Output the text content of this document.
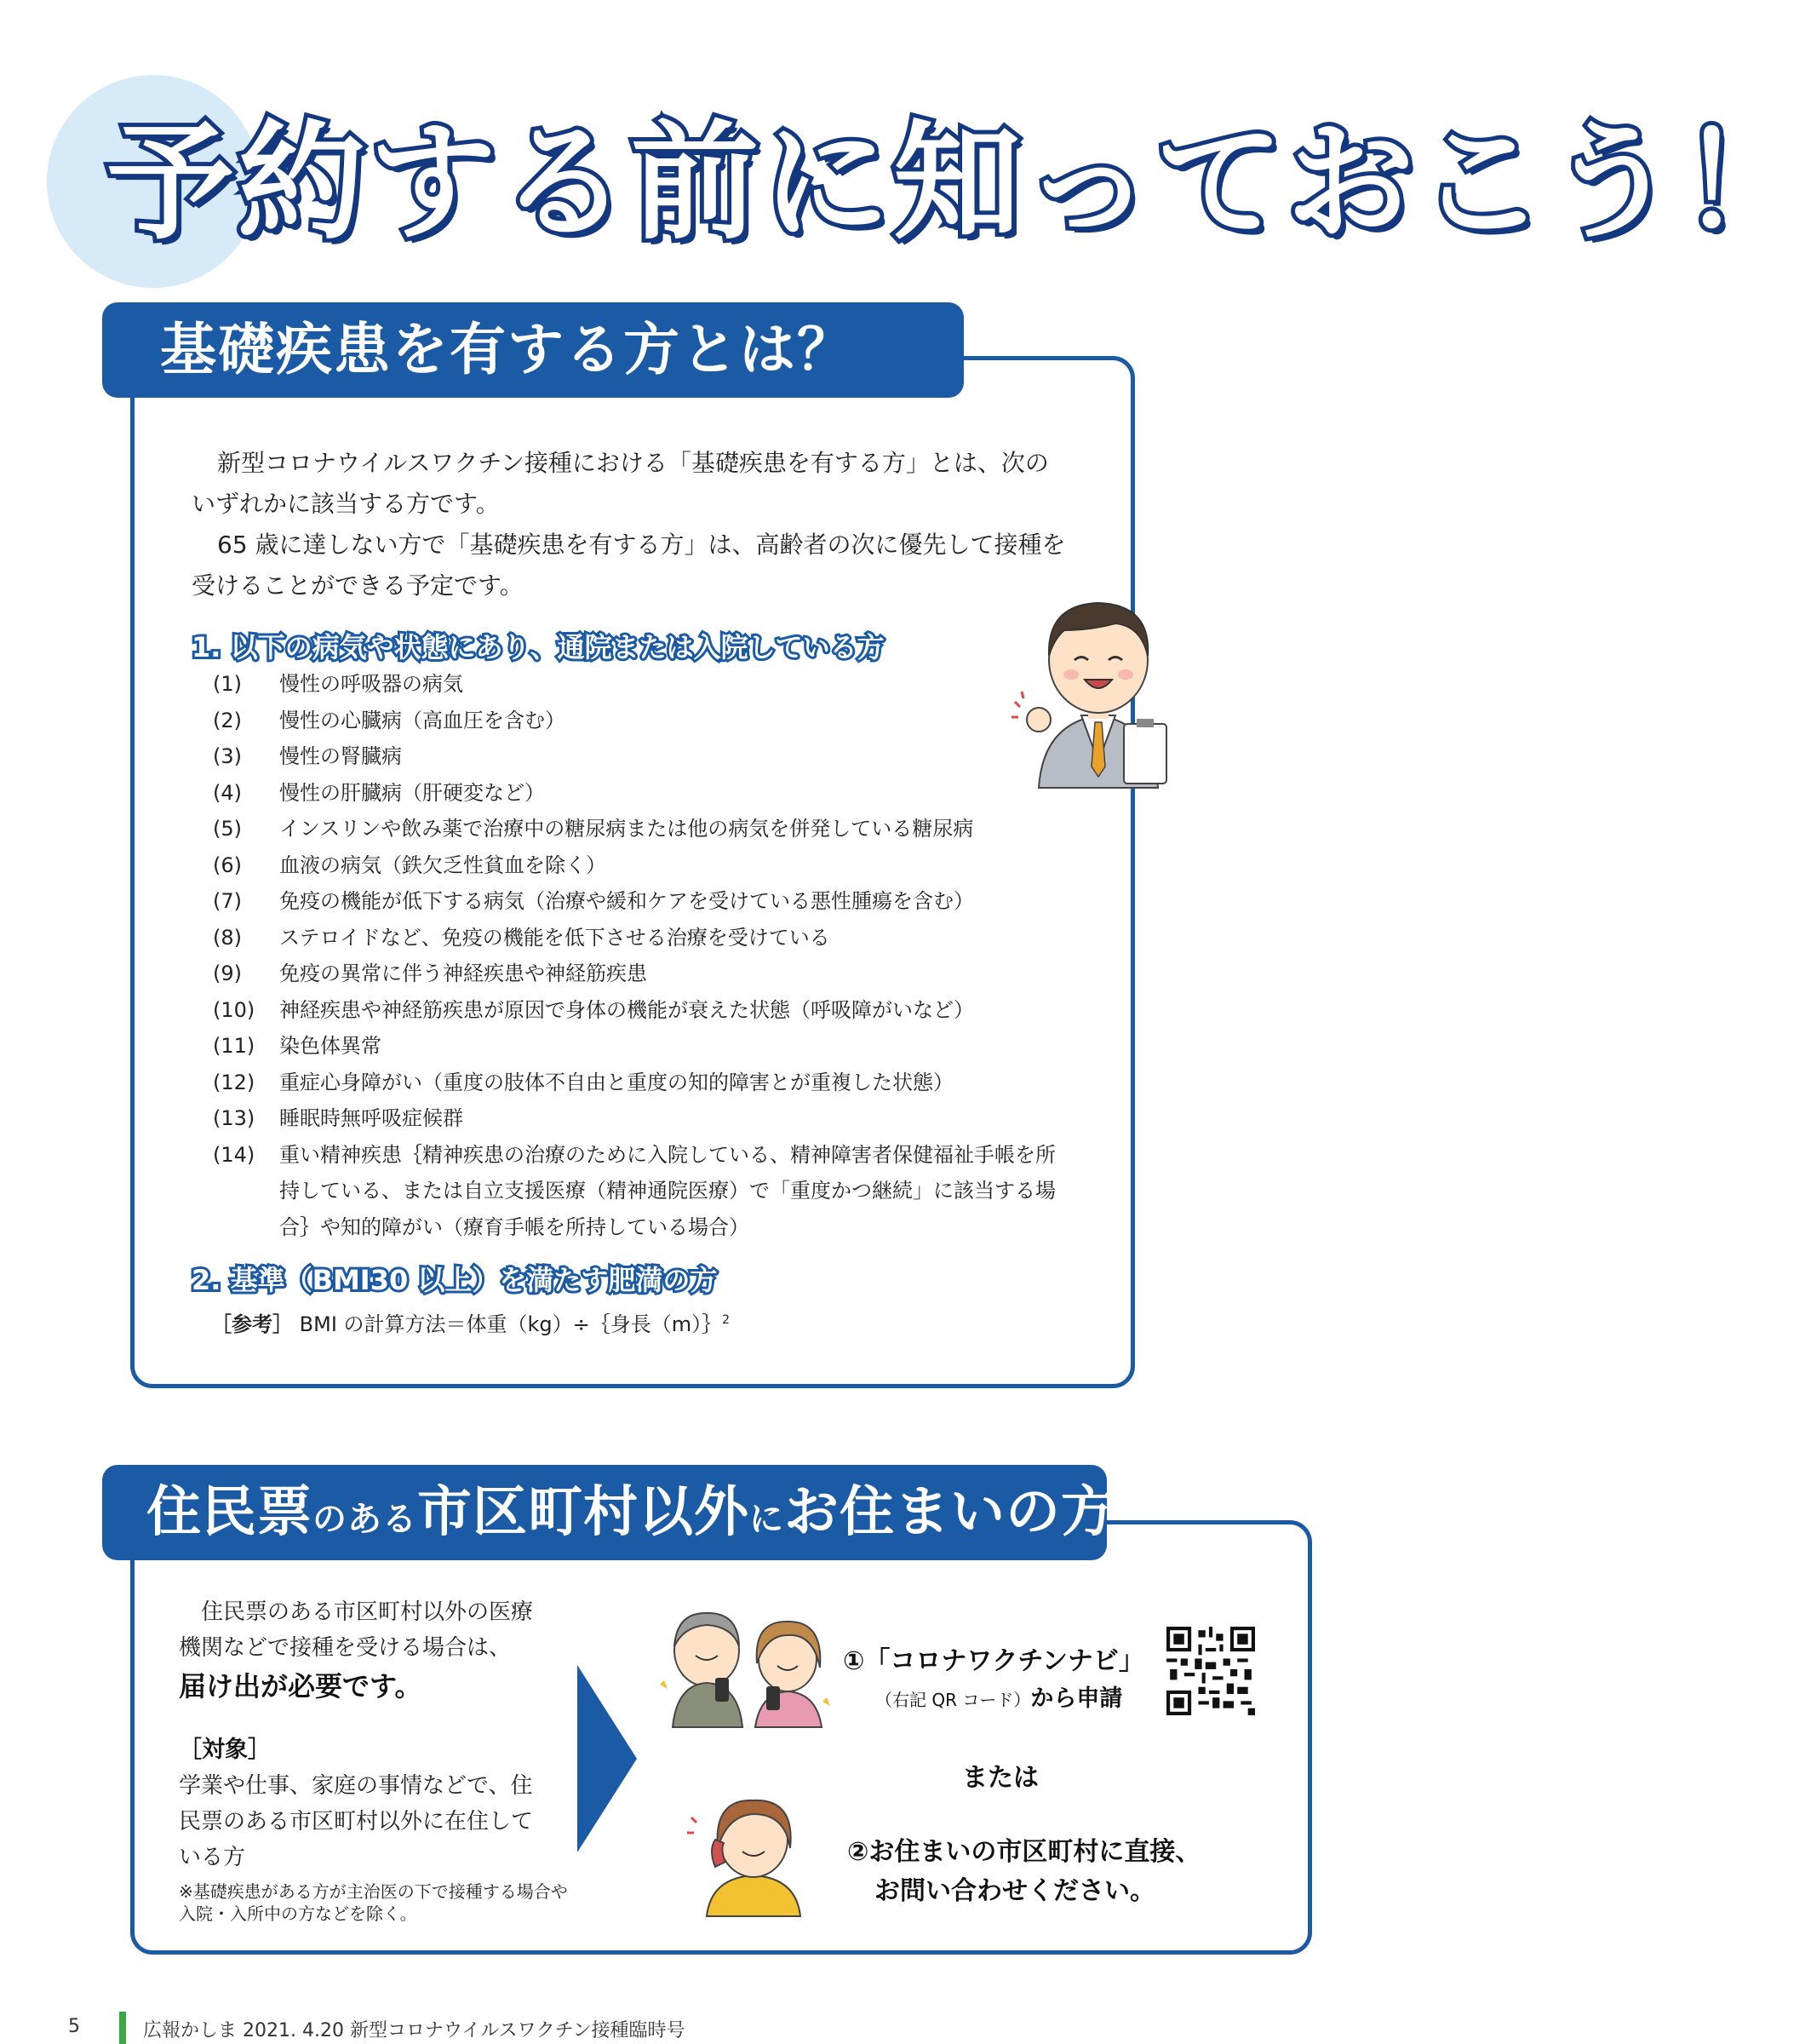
予約する前に知っておこう！
基礎疾患を有する方とは？

新型コロナウイルスワクチン接種における「基礎疾患を有する方」とは、次のいずれかに該当する方です。

65 歳に達しない方で「基礎疾患を有する方」は、高齢者の次に優先して接種を受けることができる予定です。

1. 以下の病気や状態にあり、通院または入院している方
(1)	慢性の呼吸器の病気
(2)	慢性の心臓病（高血圧を含む）
(3)	慢性の腎臓病
(4)	慢性の肝臓病（肝硬変など）
(5)	インスリンや飲み薬で治療中の糖尿病または他の病気を併発している糖尿病
(6)	血液の病気（鉄欠乏性貧血を除く）
(7)	免疫の機能が低下する病気（治療や緩和ケアを受けている悪性腫瘍を含む）
(8)	ステロイドなど、免疫の機能を低下させる治療を受けている
(9)	免疫の異常に伴う神経疾患や神経筋疾患
(10)	神経疾患や神経筋疾患が原因で身体の機能が衰えた状態（呼吸障がいなど）
(11)	染色体異常
(12)	重症心身障がい（重度の肢体不自由と重度の知的障害とが重複した状態）
(13)	睡眠時無呼吸症候群
(14)	重い精神疾患｛精神疾患の治療のために入院している、精神障害者保健福祉手帳を所持している、または自立支援医療（精神通院医療）で「重度かつ継続」に該当する場合｝や知的障がい（療育手帳を所持している場合）
2. 基準（BMI30 以上）を満たす肥満の方
［参考］ BMI の計算方法＝体重（kg）÷｛身長（m）｝$^2$
住民票のある市区町村以外にお住まいの方

住民票のある市区町村以外の医療機関などで接種を受ける場合は、

届け出が必要です。

［対象］

学業や仕事、家庭の事情などで、住民票のある市区町村以外に在住している方

※基礎疾患がある方が主治医の下で接種する場合や入院・入所中の方などを除く。
①「コロナワクチンナビ」
（右記 QR コード）から申請
または
②お住まいの市区町村に直接、
お問い合わせください。
5	広報かしま 2021. 4.20 新型コロナウイルスワクチン接種臨時号
